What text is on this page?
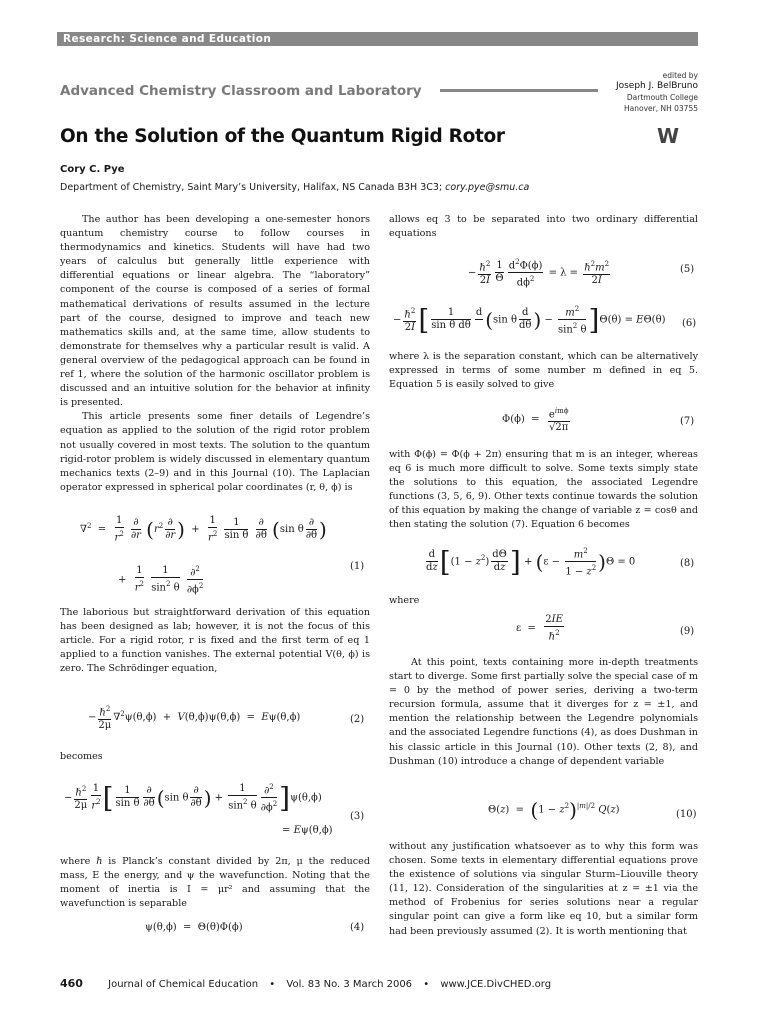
Research: Science and Education
Advanced Chemistry Classroom and Laboratory
edited by
Joseph J. BelBruno
Dartmouth College
Hanover, NH 03755
On the Solution of the Quantum Rigid Rotor	W
Cory C. Pye
Department of Chemistry, Saint Mary’s University, Halifax, NS Canada B3H 3C3; cory.pye@smu.ca

The author has been developing a one-semester honors quantum chemistry course to follow courses in thermodynamics and kinetics. Students will have had two years of calculus but generally little experience with differential equations or linear algebra. The “laboratory” component of the course is composed of a series of formal mathematical derivations of results assumed in the lecture part of the course, designed to improve and teach new mathematics skills and, at the same time, allow students to demonstrate for themselves why a particular result is valid. A general overview of the pedagogical approach can be found in ref 1, where the solution of the harmonic oscillator problem is discussed and an intuitive solution for the behavior at infinity is presented.

This article presents some finer details of Legendre’s equation as applied to the solution of the rigid rotor problem not usually covered in most texts. The solution to the quantum rigid-rotor problem is widely discussed in elementary quantum mechanics texts (2–9) and in this Journal (10). The Laplacian operator expressed in spherical polar coordinates (r, θ, ϕ) is

$\nabla^2 = \frac{1}{r^2}$
$\frac{\partial}{\partial r} (r^2 \frac{\partial}{\partial r}$ )  + $\frac{1}{r^2}$
$\frac{1}{\text{sin θ}}$
$\frac{\partial}{\partial\theta} (\sin$ θ $\frac{\partial}{\partial\theta}$ )
+ $\frac{1}{r^2}$
$\frac{1}{\sin^2 \theta}$
$\frac{\partial^2}{\partial\phi^2}$	(1)

The laborious but straightforward derivation of this equation has been designed as lab; however, it is not the focus of this article. For a rigid rotor, r is fixed and the first term of eq 1 applied to a function vanishes. The external potential V(θ, ϕ) is zero. The Schrödinger equation,

− $\frac{\hbar^2}{2\mu} \nabla^2\psi(\theta,\phi) + V(\theta,\phi)\psi(\theta,\phi) = E\psi(\theta,\phi)$	(2)

becomes

− $\frac{\hbar^2}{2\mu} \frac{1}{r^2}$ [ $\frac{1}{\text{sin θ}} \frac{\partial}{\partial\theta} (\sin$ θ $\frac{\partial}{\partial\theta}$ ) + $\frac{1}{\sin^2 \theta} \frac{\partial^2}{\partial\phi^2} ]\psi(\theta,\phi)$
= Eψ(θ,ϕ)
(3)

where ℏ is Planck’s constant divided by 2π, μ the reduced mass, E the energy, and ψ the wavefunction. Noting that the moment of inertia is I = μr² and assuming that the wavefunction is separable

ψ(θ,ϕ)  =  Θ(θ)Φ(ϕ)	(4)

allows eq 3 to be separated into two ordinary differential equations

− $\frac{\hbar^2}{2I} \frac{1}{\Theta} \frac{d^2\Phi(\phi)}{d\phi^2} = \lambda = \frac{\hbar^2m^2}{2I}$	(5)
− $\frac{\hbar^2}{2I}$ [ $\frac{1}{\text{sin θ dθ}}$ d
(sin θ $\frac{d}{d\theta}$ ) − $\frac{m^2}{\sin^2 \theta} ]\Theta(\theta) = E\Theta(\theta)$ (6)

where λ is the separation constant, which can be alternatively expressed in terms of some number m defined in eq 5. Equation 5 is easily solved to give

$\Phi(\phi) = \frac{e^{im\phi}}{√2\pi}$	(7)

with Φ(ϕ) = Φ(ϕ + 2π) ensuring that m is an integer, whereas eq 6 is much more difficult to solve. Some texts simply state the solutions to this equation, the associated Legendre functions (3, 5, 6, 9). Other texts continue towards the solution of this equation by making the change of variable z = cosθ and then stating the solution (7). Equation 6 becomes

$\frac{d}{dz} [(1 - z^2) \frac{d\Theta}{dz}$ ] + $(\varepsilon - \frac{m^2}{1 - z^2} )\Theta = 0$	(8)

where

$\varepsilon = \frac{2IE}{\hbar^2}$	(9)

At this point, texts containing more in-depth treatments start to diverge. Some first partially solve the special case of m = 0 by the method of power series, deriving a two-term recursion formula, assume that it diverges for z = ±1, and mention the relationship between the Legendre polynomials and the associated Legendre functions (4), as does Dushman in his classic article in this Journal (10). Other texts (2, 8), and Dushman (10) introduce a change of dependent variable

$\Theta(z) = (1 - z^2)^{|m|/2}$ Q(z)	(10)

without any justification whatsoever as to why this form was chosen. Some texts in elementary differential equations prove the existence of solutions via singular Sturm–Liouville theory (11, 12). Consideration of the singularities at z = ±1 via the method of Frobenius for series solutions near a regular singular point can give a form like eq 10, but a similar form had been previously assumed (2). It is worth mentioning that

460	Journal of Chemical Education • Vol. 83 No. 3 March 2006 • www.JCE.DivCHED.org
